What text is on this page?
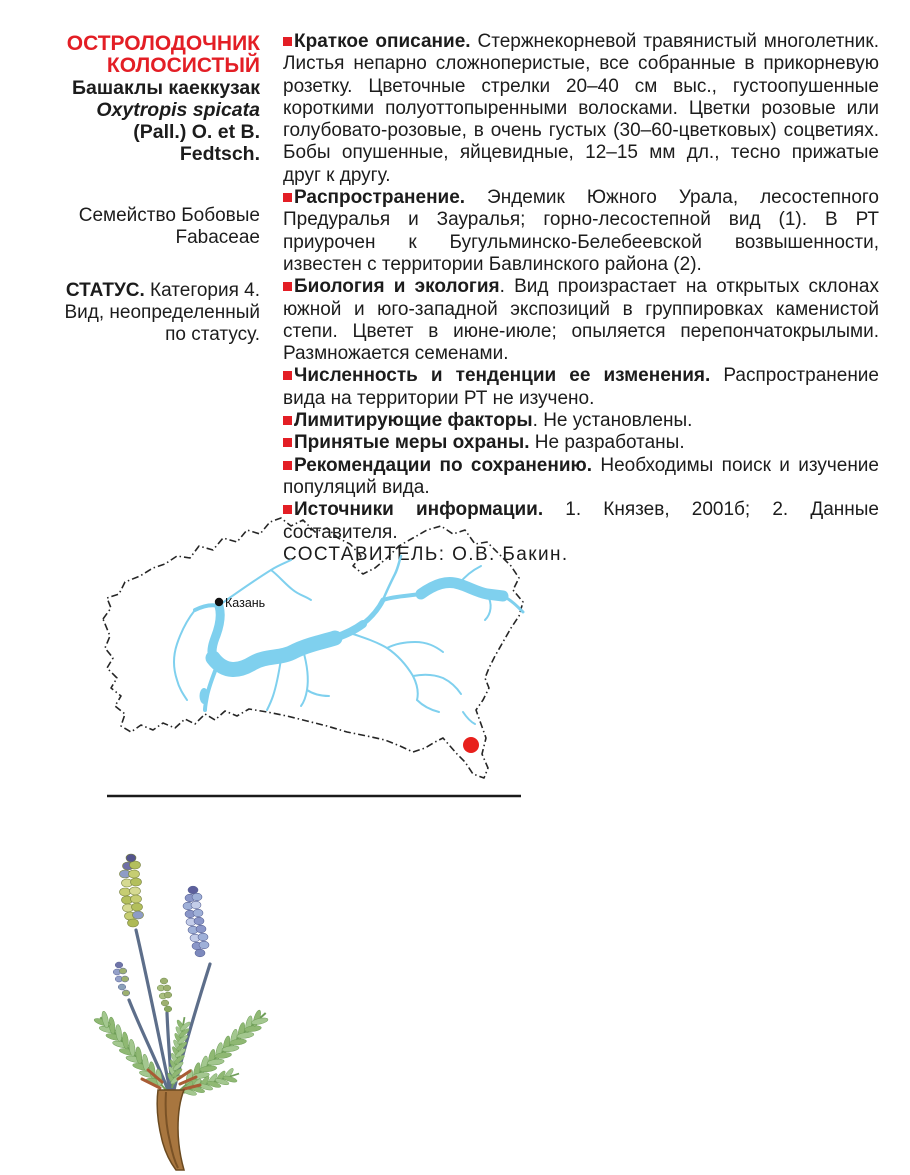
ОСТРОЛОДОЧНИК
КОЛОСИСТЫЙ
Башаклы каеккузак
Oxytropis spicata
(Pall.) O. et B. Fedtsch.
Семейство Бобовые
Fabaceae
СТАТУС. Категория 4. Вид, неопределенный по статусу.

Краткое описание. Стержнекорневой травянистый многолетник. Листья непарно сложноперистые, все собранные в прикорневую розетку. Цветочные стрелки 20–40 см выс., густоопушенные короткими полуоттопыренными волосками. Цветки розовые или голубовато-розовые, в очень густых (30–60-цветковых) соцветиях. Бобы опушенные, яйцевидные, 12–15 мм дл., тесно прижатые друг к другу.

Распространение. Эндемик Южного Урала, лесостепного Предуралья и Зауралья; горно-лесостепной вид (1). В РТ приурочен к Бугульминско-Белебеевской возвышенности, известен с территории Бавлинского района (2).

Биология и экология. Вид произрастает на открытых склонах южной и юго-западной экспозиций в группировках каменистой степи. Цветет в июне-июле; опыляется перепончатокрылыми. Размножается семенами.

Численность и тенденции ее изменения. Распространение вида на территории РТ не изучено.

Лимитирующие факторы. Не установлены.

Принятые меры охраны. Не разработаны.

Рекомендации по сохранению. Необходимы поиск и изучение популяций вида.

Источники информации. 1. Князев, 2001б; 2. Данные составителя.

СОСТАВИТЕЛЬ: О.В. Бакин.

Казань
